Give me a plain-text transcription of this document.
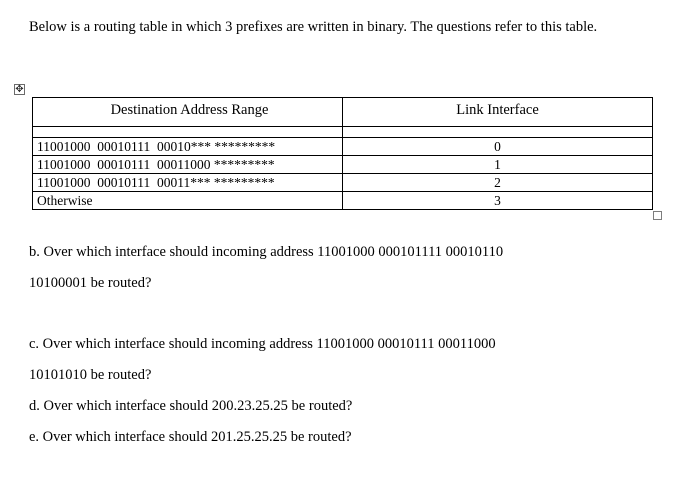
Below is a routing table in which 3 prefixes are written in binary. The questions refer to this table.
✥
Destination Address Range	Link Interface

11001000  00010111  00010*** *********	0
11001000  00010111  00011000 *********	1
11001000  00010111  00011*** *********	2
Otherwise	3
b. Over which interface should incoming address 11001000 000101111 00010110
10100001 be routed?
c. Over which interface should incoming address 11001000 00010111 00011000
10101010 be routed?
d. Over which interface should 200.23.25.25 be routed?
e. Over which interface should 201.25.25.25 be routed?
